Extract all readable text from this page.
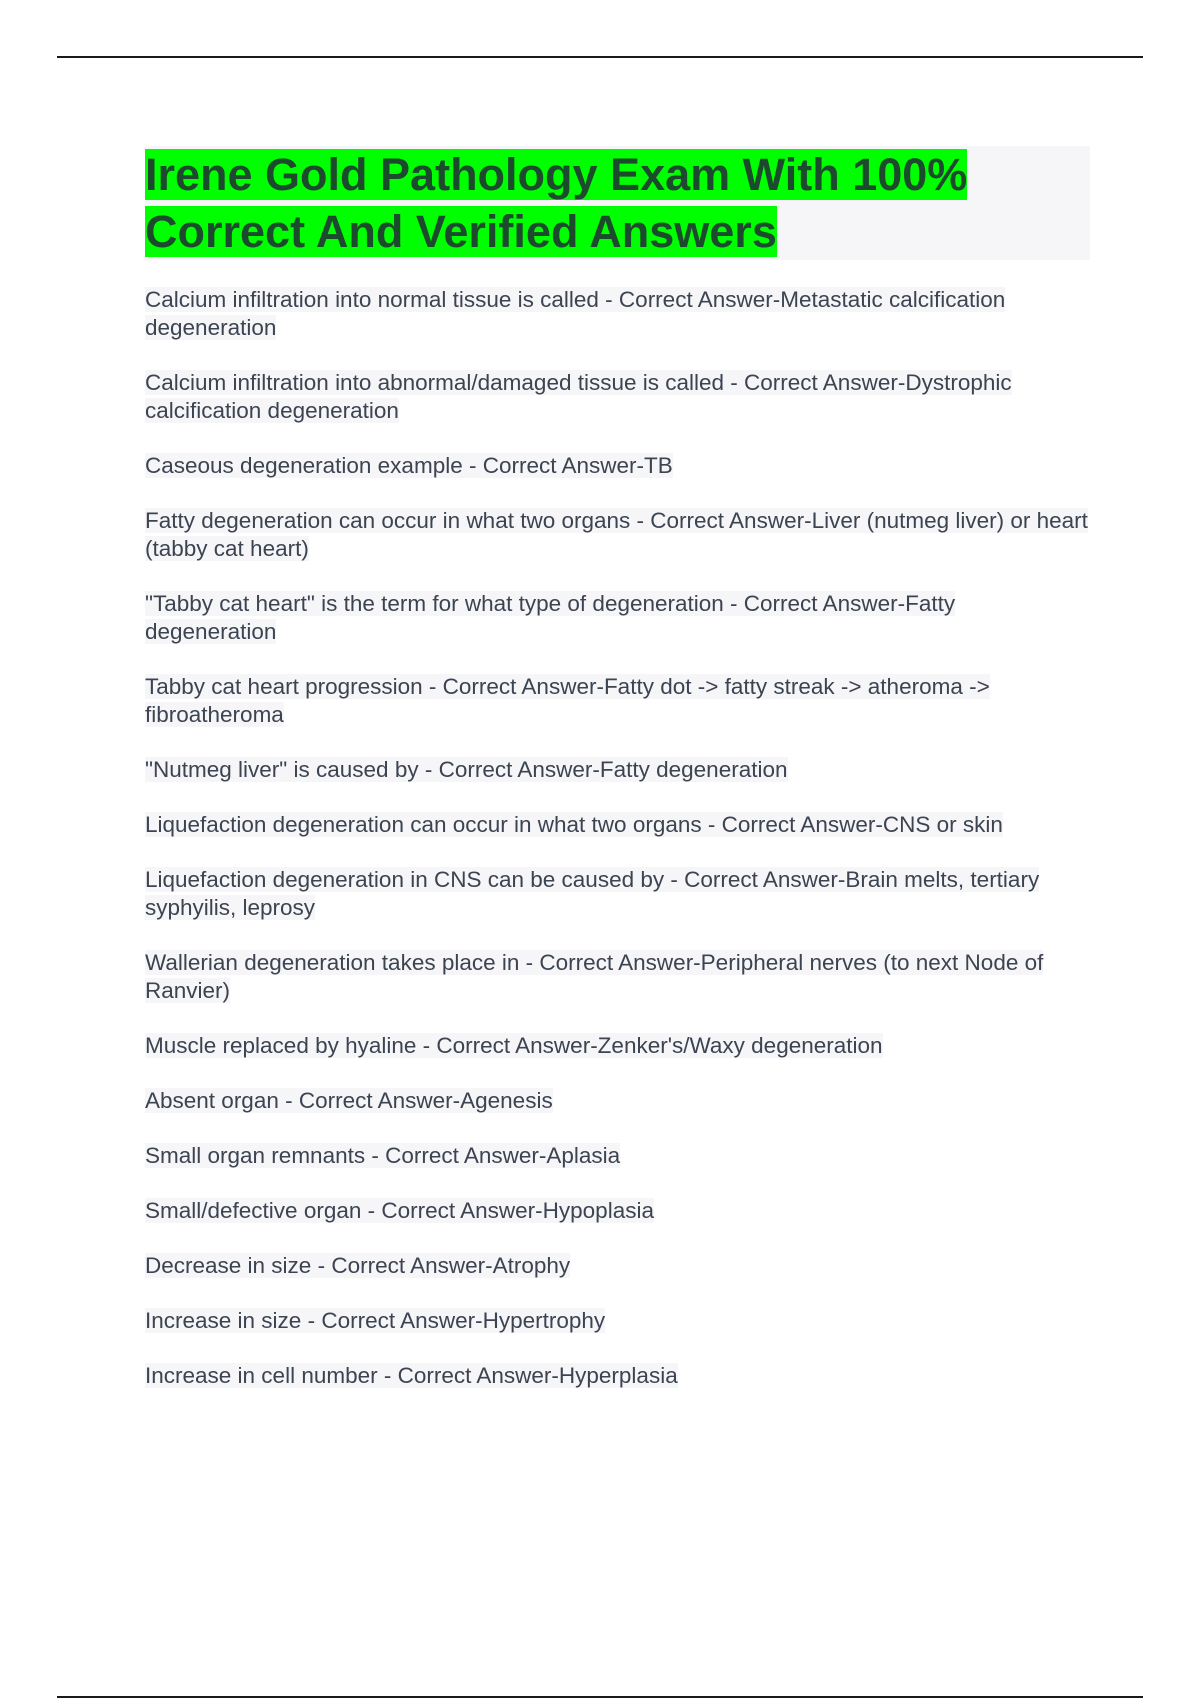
Irene Gold Pathology Exam With 100% Correct And Verified Answers
Calcium infiltration into normal tissue is called - Correct Answer-Metastatic calcification degeneration
Calcium infiltration into abnormal/damaged tissue is called - Correct Answer-Dystrophic calcification degeneration
Caseous degeneration example - Correct Answer-TB
Fatty degeneration can occur in what two organs - Correct Answer-Liver (nutmeg liver) or heart (tabby cat heart)
"Tabby cat heart" is the term for what type of degeneration - Correct Answer-Fatty degeneration
Tabby cat heart progression - Correct Answer-Fatty dot -> fatty streak -> atheroma -> fibroatheroma
"Nutmeg liver" is caused by - Correct Answer-Fatty degeneration
Liquefaction degeneration can occur in what two organs - Correct Answer-CNS or skin
Liquefaction degeneration in CNS can be caused by - Correct Answer-Brain melts, tertiary syphyilis, leprosy
Wallerian degeneration takes place in - Correct Answer-Peripheral nerves (to next Node of Ranvier)
Muscle replaced by hyaline - Correct Answer-Zenker's/Waxy degeneration
Absent organ - Correct Answer-Agenesis
Small organ remnants - Correct Answer-Aplasia
Small/defective organ - Correct Answer-Hypoplasia
Decrease in size - Correct Answer-Atrophy
Increase in size - Correct Answer-Hypertrophy
Increase in cell number - Correct Answer-Hyperplasia
